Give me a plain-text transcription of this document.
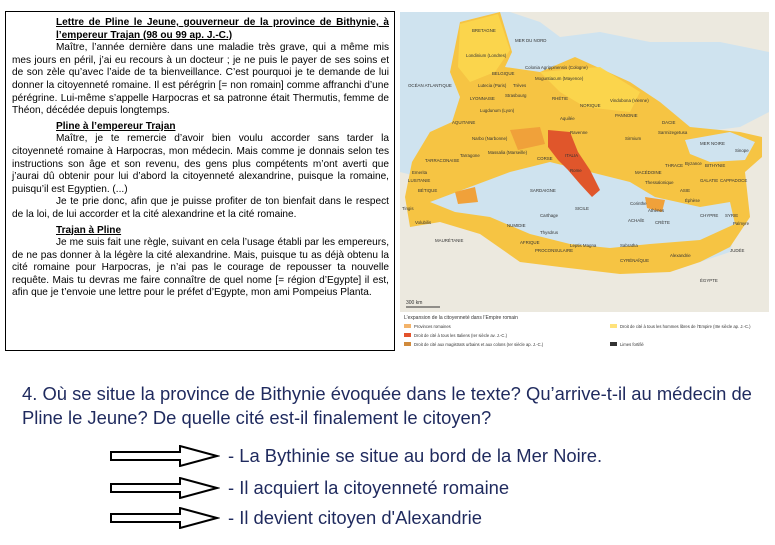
Lettre de Pline le Jeune, gouverneur de la province de Bithynie, à l’empereur Trajan (98 ou 99 ap. J.-C.)

Maître, l’année dernière dans une maladie très grave, qui a même mis mes jours en péril, j’ai eu recours à un docteur ; je ne puis le payer de ses soins et de son zèle qu’avec l’aide de ta bienveillance. C’est pourquoi je te demande de lui donner la citoyenneté romaine. Il est pérégrin [= non romain] comme affranchi d’une pérégrine. Lui-même s’appelle Harpocras et sa patronne était Thermutis, femme de Théon, décédée depuis longtemps.

Pline à l’empereur Trajan

Maître, je te remercie d’avoir bien voulu accorder sans tarder la citoyenneté romaine à Harpocras, mon médecin. Mais comme je donnais selon tes instructions son âge et son revenu, des gens plus compétents m’ont averti que j’aurai dû obtenir pour lui d’abord la citoyenneté alexandrine, puisque la romaine, puisqu’il est Egyptien. (...)

Je te prie donc, afin que je puisse profiter de ton bienfait dans le respect de la loi, de lui accorder et la cité alexandrine et la cité romaine.

Trajan à Pline

Je me suis fait une règle, suivant en cela l’usage établi par les empereurs, de ne pas donner à la légère la cité alexandrine. Mais, puisque tu as déjà obtenu la cité romaine pour Harpocras, je n’ai pas le courage de repousser ta nouvelle requête. Mais tu devras me faire connaître de quel nome [= région d’Egypte] il est, afin que je t’envoie une lettre pour le préfet d’Egypte, mon ami Pompeius Planta.

BRETAGNE
MER DU NORD
Londinium (Londres)
Colonia Agrippinensis (Cologne)
BELGIQUE
Moguntiacum (Mayence)
OCÉAN ATLANTIQUE	Lutecia (Paris) Trèves
Strasbourg
Vindobona (Vienne)
LYONNAISE	RHÉTIE
NORIQUE
PANNONIE
Lugdunum (Lyon)
AQUITAINE	DACIE
Sarmizegetusa
Narbo (Narbonne)
Aquilée
Ravenne
Sirmium
MER NOIRE
TARRACONAISE
Tarragone
Massalia (Marseille)
CORSE
ITALIA
Rome
THRACE Byzance BITHYNIE
Sinope
Emerita
LUSITANIE
BÉTIQUE	SARDAIGNE
MACÉDOINE
Thessalonique
ASIE
CAPPADOCE
GALATIE
Éphèse
Tingis
Volubilis
NUMIDIE
Carthage
SICILE
Corinthe
Athènes
ACHAÏE CRÈTE
SYRIE
Palmyre
Thysdrus
MAURÉTANIE	AFRIQUE
PROCONSULAIRE
Leptis Magna	Sabratha
CYRÉNAÏQUE
Alexandrie
JUDÉE
ÉGYPTE
CHYPRE
300 km
L’expansion de la citoyenneté dans l’Empire romain
Provinces romaines
Droit de cité à tous les Italiens (Ier siècle av. J.-C.)
Droit de cité aux magistrats urbains et aux colons (Ier siècle ap. J.-C.)
Droit de cité à tous les hommes libres de l’Empire (IIIe siècle ap. J.-C.)
Limes fortifié
4. Où se situe la province de Bithynie évoquée dans le texte? Qu’arrive-t-il au médecin de Pline le Jeune? De quelle cité est-il finalement le citoyen?
- La Bythinie se situe au bord de la Mer Noire.
- Il acquiert la citoyenneté romaine
- Il devient citoyen d'Alexandrie
